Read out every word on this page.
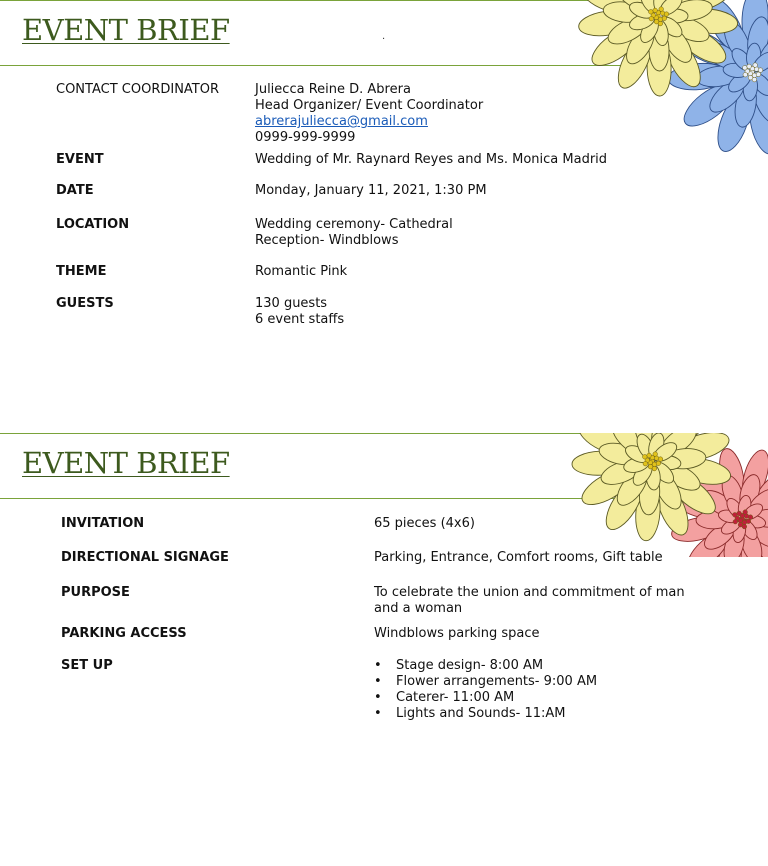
EVENT BRIEF	.
CONTACT COORDINATOR	Juliecca Reine D. Abrera
Head Organizer/ Event Coordinator
abrerajuliecca@gmail.com
0999-999-9999
EVENT	Wedding of Mr. Raynard Reyes and Ms. Monica Madrid
DATE	Monday, January 11, 2021, 1:30 PM
LOCATION	Wedding ceremony- Cathedral
Reception- Windblows
THEME	Romantic Pink
GUESTS	130 guests
6 event staffs
EVENT BRIEF
INVITATION	65 pieces (4x6)
DIRECTIONAL SIGNAGE	Parking, Entrance, Comfort rooms, Gift table
PURPOSE	To celebrate the union and commitment of man
and a woman
PARKING ACCESS	Windblows parking space
SET UP
•	Stage design- 8:00 AM
• Flower arrangements- 9:00 AM
• Caterer- 11:00 AM
• Lights and Sounds- 11:AM
